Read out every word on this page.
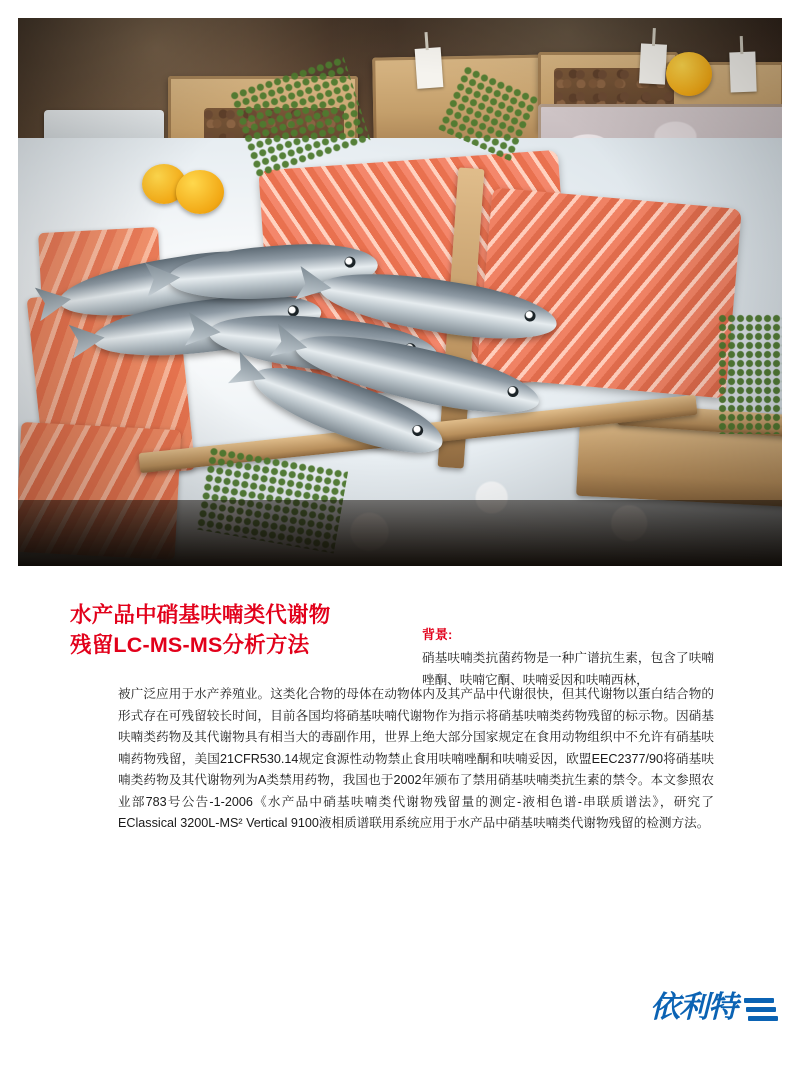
水产品中硝基呋喃类代谢物
残留LC-MS-MS分析方法	背景:
硝基呋喃类抗菌药物是一种广谱抗生素，包含了呋喃唑酮、呋喃它酮、呋喃妥因和呋喃西林，

被广泛应用于水产养殖业。这类化合物的母体在动物体内及其产品中代谢很快，但其代谢物以蛋白结合物的形式存在可残留较长时间，目前各国均将硝基呋喃代谢物作为指示将硝基呋喃类药物残留的标示物。因硝基呋喃类药物及其代谢物具有相当大的毒副作用，世界上绝大部分国家规定在食用动物组织中不允许有硝基呋喃药物残留，美国21CFR530.14规定食源性动物禁止食用呋喃唑酮和呋喃妥因，欧盟EEC2377/90将硝基呋喃类药物及其代谢物列为A类禁用药物，我国也于2002年颁布了禁用硝基呋喃类抗生素的禁令。本文参照农业部783号公告-1-2006《水产品中硝基呋喃类代谢物残留量的测定-液相色谱-串联质谱法》，研究了EClassical 3200L-MS² Vertical 9100液相质谱联用系统应用于水产品中硝基呋喃类代谢物残留的检测方法。

依利特
